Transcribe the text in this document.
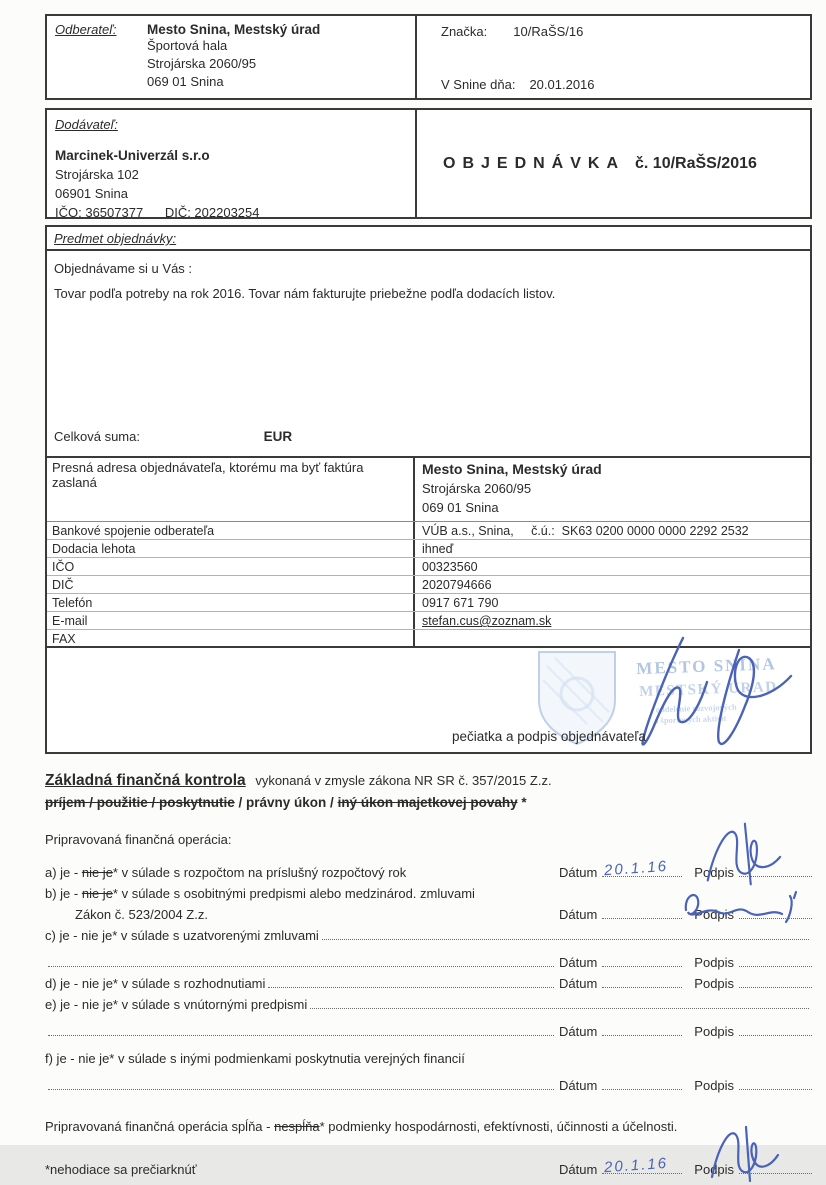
Odberateľ:	Mesto Snina, Mestský úrad
Športová hala
Strojárska 2060/95
069 01 Snina
Značka: 10/RaŠS/16
V Snine dňa: 20.01.2016
Dodávateľ:
Marcinek-Univerzál s.r.o
Strojárska 102
06901 Snina
IČO: 36507377 DIČ: 202203254
OBJEDNÁVKA č. 10/RaŠS/2016
Predmet objednávky:
Objednávame si u Vás :
Tovar podľa potreby na rok 2016. Tovar nám fakturujte priebežne podľa dodacích listov.
Celková suma:	EUR
Presná adresa objednávateľa, ktorému ma byť faktúra zaslaná
Mesto Snina, Mestský úrad
Strojárska 2060/95
069 01 Snina
Bankové spojenie odberateľa	VÚB a.s., Snina,     č.ú.:  SK63 0200 0000 0000 2292 2532
Dodacia lehota	ihneď
IČO	00323560
DIČ	2020794666
Telefón	0917 671 790
E-mail	stefan.cus@zoznam.sk
FAX
MESTO SNINA
MESTSKÝ ÚRAD
oddelenie rozvojových
a športových aktivít
pečiatka a podpis objednávateľa
Základná finančná kontrola vykonaná v zmysle zákona NR SR č. 357/2015 Z.z.
príjem / použitie / poskytnutie / právny úkon / iný úkon majetkovej povahy *
Pripravovaná finančná operácia:
a) je - nie je* v súlade s rozpočtom na príslušný rozpočtový rok	Dátum 20.1.16 Podpis
b) je - nie je* v súlade s osobitnými predpismi alebo medzinárod. zmluvami
Zákon č. 523/2004 Z.z.	Dátum	Podpis
c) je - nie je* v súlade s uzatvorenými zmluvami
Dátum	Podpis
d) je - nie je* v súlade s rozhodnutiami	Dátum	Podpis
e) je - nie je* v súlade s vnútornými predpismi
Dátum	Podpis
f) je - nie je* v súlade s inými podmienkami poskytnutia verejných financií
Dátum	Podpis
Pripravovaná finančná operácia spĺňa - nespĺňa* podmienky hospodárnosti, efektívnosti, účinnosti a účelnosti.
*nehodiace sa prečiarknúť	Dátum 20.1.16 Podpis
